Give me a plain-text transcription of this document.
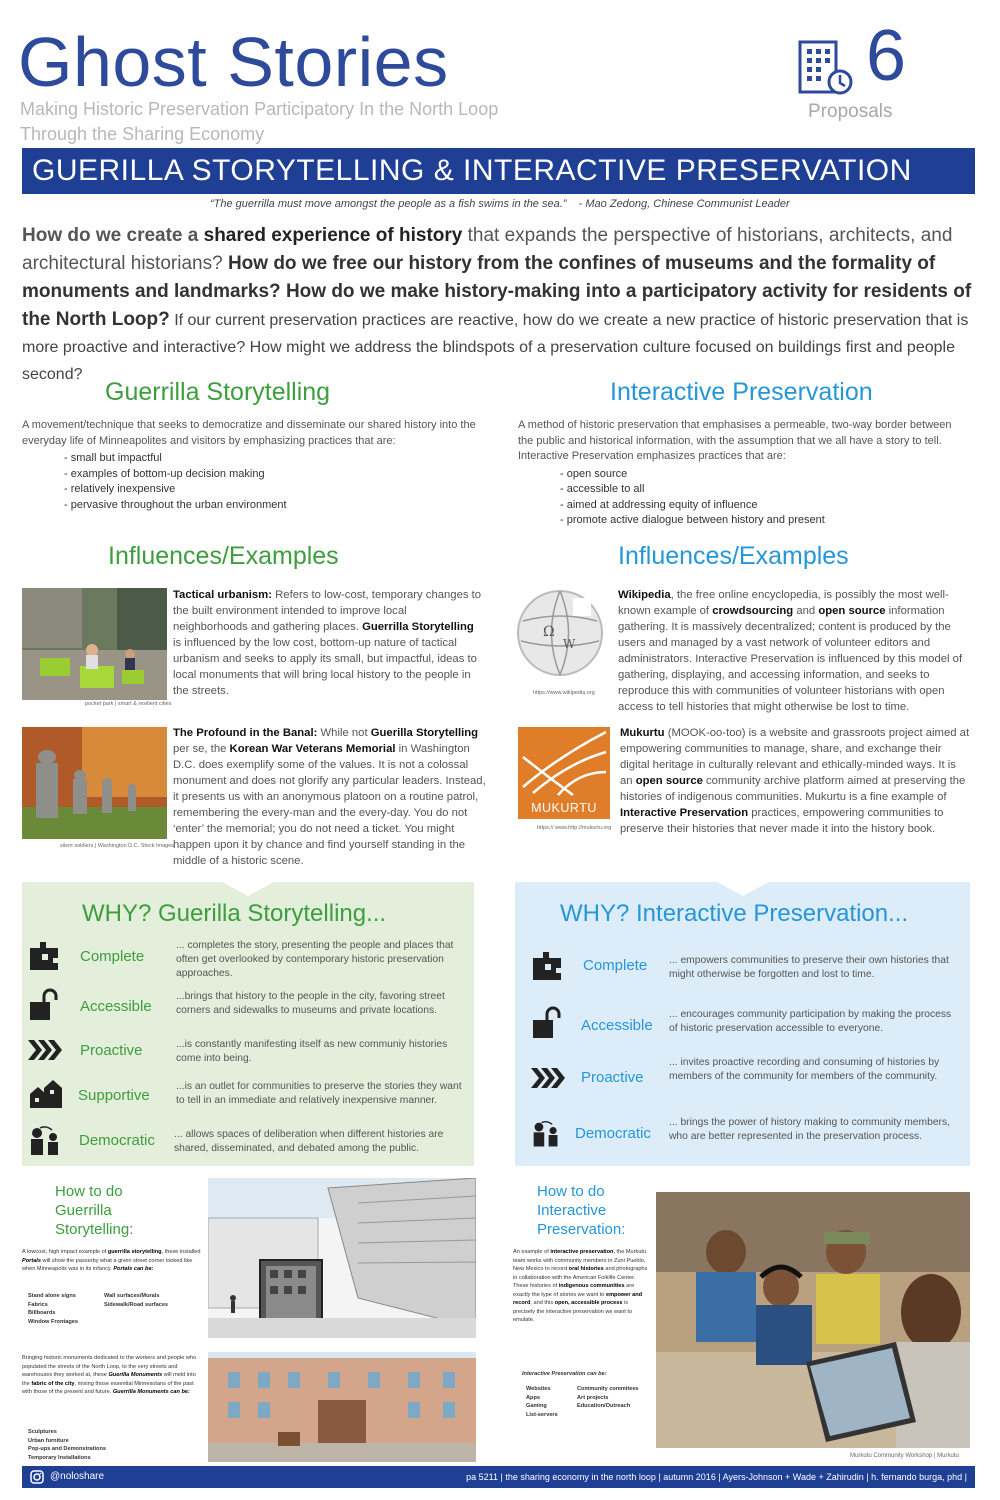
Ghost Stories
Making Historic Preservation Participatory In the North Loop
Through the Sharing Economy
6
Proposals
GUERILLA STORYTELLING & INTERACTIVE PRESERVATION
“The guerrilla must move amongst the people as a fish swims in the sea.” - Mao Zedong, Chinese Communist Leader
How do we create a shared experience of history that expands the perspective of historians, architects, and architectural historians? How do we free our history from the confines of museums and the formality of monuments and landmarks? How do we make history-making into a participatory activity for residents of the North Loop? If our current preservation practices are reactive, how do we create a new practice of historic preservation that is more proactive and interactive? How might we address the blindspots of a preservation culture focused on buildings first and people second?
Guerrilla Storytelling
A movement/technique that seeks to democratize and disseminate our shared history into the everyday life of Minneapolites and visitors by emphasizing practices that are:
- small but impactful
- examples of bottom-up decision making
- relatively inexpensive
- pervasive throughout the urban environment
Interactive Preservation
A method of historic preservation that emphasises a permeable, two-way border between the public and historical information, with the assumption that we all have a story to tell. Interactive Preservation emphasizes practices that are:
- open source
- accessible to all
- aimed at addressing equity of influence
- promote active dialogue between history and present
Influences/Examples	Influences/Examples
pocket park | smart & resilient cities
Tactical urbanism: Refers to low-cost, temporary changes to the built environment intended to improve local neighborhoods and gathering places. Guerrilla Storytelling is influenced by the low cost, bottom-up nature of tactical urbanism and seeks to apply its small, but impactful, ideas to local monuments that will bring local history to the people in the streets.
silent soldiers | Washington D.C. Stock Images
The Profound in the Banal: While not Guerilla Storytelling per se, the Korean War Veterans Memorial in Washington D.C. does exemplify some of the values. It is not a colossal monument and does not glorify any particular leaders. Instead, it presents us with an anonymous platoon on a routine patrol, remembering the every-man and the every-day. You do not ‘enter’ the memorial; you do not need a ticket. You might happen upon it by chance and find yourself standing in the middle of a historic scene.
Ω
W
https://www.wikipedia.org
Wikipedia, the free online encyclopedia, is possibly the most well-known example of crowdsourcing and open source information gathering. It is massively decentralized; content is produced by the users and managed by a vast network of volunteer editors and administrators. Interactive Preservation is influenced by this model of gathering, displaying, and accessing information, and seeks to reproduce this with communities of volunteer historians with open access to tell histories that might otherwise be lost to time.
MUKURTU
https:// www.http://mukurtu.org
Mukurtu (MOOK-oo-too) is a website and grassroots project aimed at empowering communities to manage, share, and exchange their digital heritage in culturally relevant and ethically-minded ways. It is an open source community archive platform aimed at preserving the histories of indigenous communities. Mukurtu is a fine example of Interactive Preservation practices, empowering communities to preserve their histories that never made it into the history book.
WHY? Guerilla Storytelling...
Complete
... completes the story, presenting the people and places that often get overlooked by contemporary historic preservation approaches.
Accessible
...brings that history to the people in the city, favoring street corners and sidewalks to museums and private locations.
Proactive	...is constantly manifesting itself as new communiy histories come into being.
Supportive
...is an outlet for communities to preserve the stories they want to tell in an immediate and relatively inexpensive manner.
Democratic ... allows spaces of deliberation when different histories are shared, disseminated, and debated among the public.
WHY? Interactive Preservation...
Complete ... empowers communities to preserve their own histories that might otherwise be forgotten and lost to time.
Accessible
... encourages community participation by making the process of historic preservation accessible to everyone.
Proactive
... invites proactive recording and consuming of histories by members of the community for members of the community.
Democratic
... brings the power of history making to community members, who are better represented in the preservation process.
How to do
Guerrilla
Storytelling:
A lowcost, high impact example of guerrilla storytelling, these installed Portals will show the passerby what a given street corner looked like when Minneapolis was in its infancy. Portals can be:
Stand alone signs
Fabrics
Billboards
Window Frontages
Wall surfaces/Murals
Sidewalk/Road surfaces
Bringing historic monuments dedicated to the workers and people who populated the streets of the North Loop, to the very streets and warehouses they worked at, these Guerilla Monuments will meld into the fabric of the city, mixing those essential Minnesotans of the past with those of the present and future. Guerrilla Monuments can be:
Sculptures
Urban furniture
Pop-ups and Demonstrations
Temporary Installations
How to do
Interactive
Preservation:
An example of interactive preservation, the Murkutu team works with community members in Zuni Pueblo, New Mexico to record oral histories and photographs in collaboration with the American Folklife Center. These histories of indigenous communities are exactly the type of stories we want to empower and record, and this open, accessible process is precisely the interactive preservation we want to emulate.
Interactive Preservation can be:
Websites
Apps
Gaming
List-servers
Community commitees
Art projects
Education/Outreach
Murkutu Community Workshop | Murkutu
@noloshare	pa 5211 | the sharing economy in the north loop | autumn 2016 | Ayers-Johnson + Wade + Zahirudin | h. fernando burga, phd |
